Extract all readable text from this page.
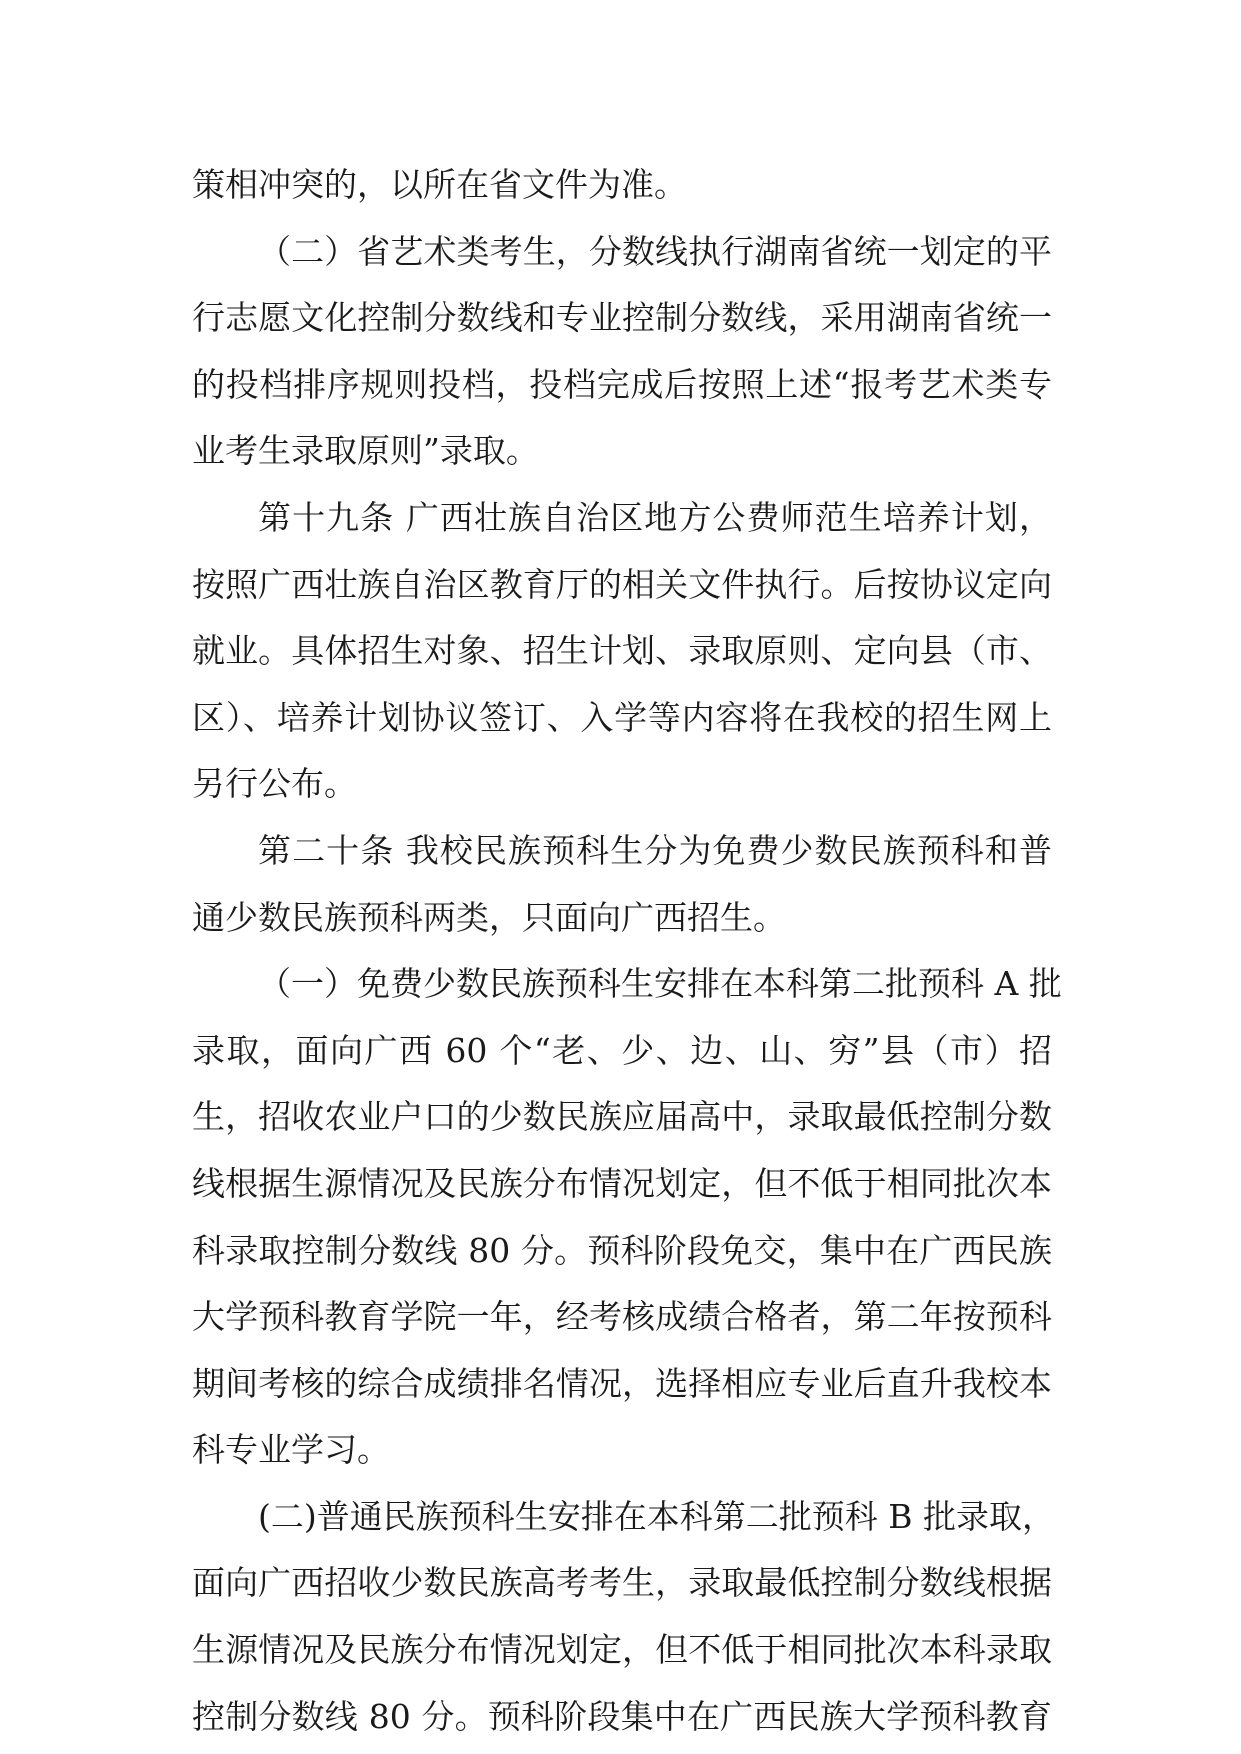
策相冲突的，以所在省文件为准。
（二）省艺术类考生，分数线执行湖南省统一划定的平
行志愿文化控制分数线和专业控制分数线，采用湖南省统一
的投档排序规则投档，投档完成后按照上述“报考艺术类专
业考生录取原则”录取。
第十九条 广西壮族自治区地方公费师范生培养计划，
按照广西壮族自治区教育厅的相关文件执行。后按协议定向
就业。具体招生对象、招生计划、录取原则、定向县（市、
区）、培养计划协议签订、入学等内容将在我校的招生网上
另行公布。
第二十条 我校民族预科生分为免费少数民族预科和普
通少数民族预科两类，只面向广西招生。
（一）免费少数民族预科生安排在本科第二批预科 A 批
录取，面向广西 60 个“老、少、边、山、穷”县（市）招
生，招收农业户口的少数民族应届高中，录取最低控制分数
线根据生源情况及民族分布情况划定，但不低于相同批次本
科录取控制分数线 80 分。预科阶段免交，集中在广西民族
大学预科教育学院一年，经考核成绩合格者，第二年按预科
期间考核的综合成绩排名情况，选择相应专业后直升我校本
科专业学习。
(二)普通民族预科生安排在本科第二批预科 B 批录取，
面向广西招收少数民族高考考生，录取最低控制分数线根据
生源情况及民族分布情况划定，但不低于相同批次本科录取
控制分数线 80 分。预科阶段集中在广西民族大学预科教育
